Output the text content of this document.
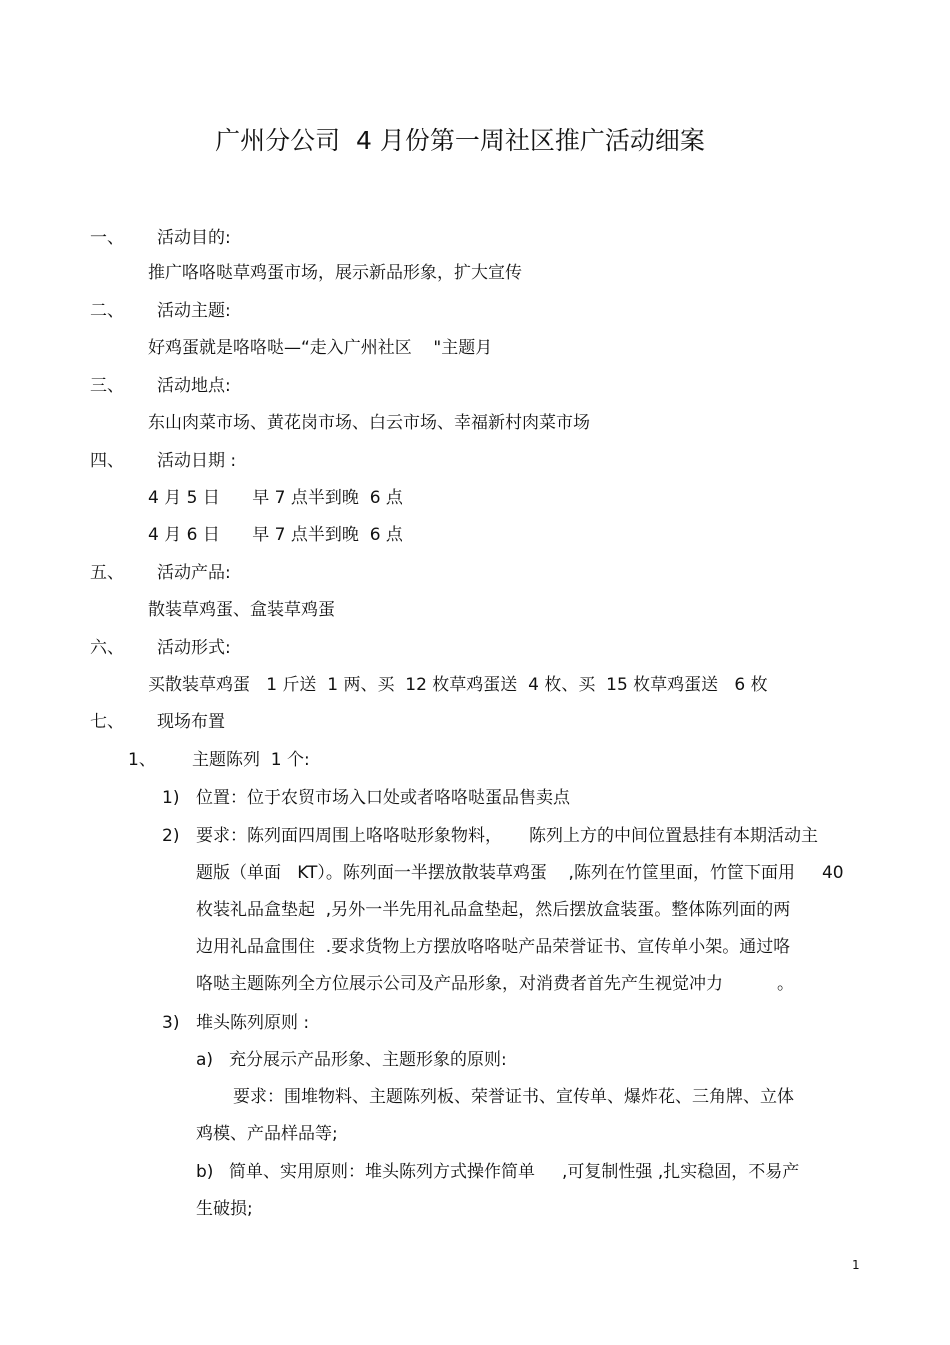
广州分公司  4 月份第一周社区推广活动细案
一、 活动目的:
推广咯咯哒草鸡蛋市场，展示新品形象，扩大宣传
二、 活动主题:
好鸡蛋就是咯咯哒—“走入广州社区    "主题月
三、 活动地点:
东山肉菜市场、黄花岗市场、白云市场、幸福新村肉菜市场
四、 活动日期 :
4 月 5 日      早 7 点半到晚  6 点
4 月 6 日      早 7 点半到晚  6 点
五、 活动产品:
散装草鸡蛋、盒装草鸡蛋
六、 活动形式:
买散装草鸡蛋   1 斤送  1 两、买  12 枚草鸡蛋送  4 枚、买  15 枚草鸡蛋送   6 枚
七、 现场布置
1、 主题陈列  1 个:
1) 位置：位于农贸市场入口处或者咯咯哒蛋品售卖点
2) 要求：陈列面四周围上咯咯哒形象物料，     陈列上方的中间位置悬挂有本期活动主
题版（单面   KT）。陈列面一半摆放散装草鸡蛋    ,陈列在竹筐里面，竹筐下面用     40
枚装礼品盒垫起  ,另外一半先用礼品盒垫起，然后摆放盒装蛋。整体陈列面的两
边用礼品盒围住  .要求货物上方摆放咯咯哒产品荣誉证书、宣传单小架。通过咯
咯哒主题陈列全方位展示公司及产品形象，对消费者首先产生视觉冲力          。
3) 堆头陈列原则 :
a) 充分展示产品形象、主题形象的原则:
要求：围堆物料、主题陈列板、荣誉证书、宣传单、爆炸花、三角牌、立体
鸡模、产品样品等;
b) 简单、实用原则：堆头陈列方式操作简单     ,可复制性强 ,扎实稳固，不易产
生破损;
1
